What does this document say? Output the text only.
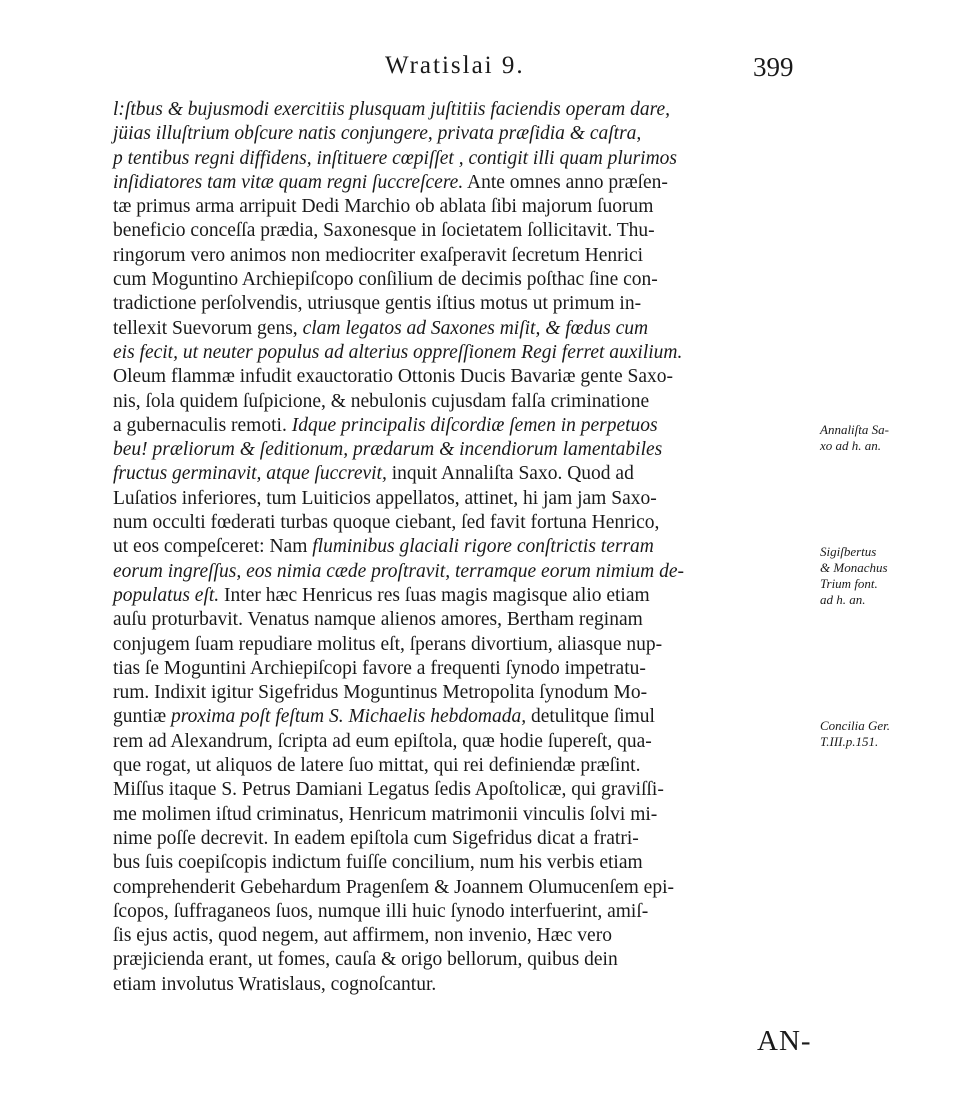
Wratislai 9.	399
l:ſtbus & bujusmodi exercitiis plusquam juſtitiis faciendis operam dare,
jüias illuſtrium obſcure natis conjungere, privata præſidia & caſtra,
p tentibus regni diffidens, inſtituere cœpiſſet , contigit illi quam plurimos
inſidiatores tam vitæ quam regni ſuccreſcere. Ante omnes anno præſen-
tæ primus arma arripuit Dedi Marchio ob ablata ſibi majorum ſuorum
beneficio conceſſa prædia, Saxonesque in ſocietatem ſollicitavit. Thu-
ringorum vero animos non mediocriter exaſperavit ſecretum Henrici
cum Moguntino Archiepiſcopo conſilium de decimis poſthac ſine con-
tradictione perſolvendis, utriusque gentis iſtius motus ut primum in-
tellexit Suevorum gens, clam legatos ad Saxones miſit, & fœdus cum
eis fecit, ut neuter populus ad alterius oppreſſionem Regi ferret auxilium.
Oleum flammæ infudit exauctoratio Ottonis Ducis Bavariæ gente Saxo-
nis, ſola quidem ſuſpicione, & nebulonis cujusdam falſa criminatione
a gubernaculis remoti. Idque principalis diſcordiæ ſemen in perpetuos
beu! præliorum & ſeditionum, prædarum & incendiorum lamentabiles
fructus germinavit, atque ſuccrevit, inquit Annaliſta Saxo. Quod ad
Luſatios inferiores, tum Luiticios appellatos, attinet, hi jam jam Saxo-
num occulti fœderati turbas quoque ciebant, ſed favit fortuna Henrico,
ut eos compeſceret: Nam fluminibus glaciali rigore conſtrictis terram
eorum ingreſſus, eos nimia cæde proſtravit, terramque eorum nimium de-
populatus eſt. Inter hæc Henricus res ſuas magis magisque alio etiam
auſu proturbavit. Venatus namque alienos amores, Bertham reginam
conjugem ſuam repudiare molitus eſt, ſperans divortium, aliasque nup-
tias ſe Moguntini Archiepiſcopi favore a frequenti ſynodo impetratu-
rum. Indixit igitur Sigefridus Moguntinus Metropolita ſynodum Mo-
guntiæ proxima poſt feſtum S. Michaelis hebdomada, detulitque ſimul
rem ad Alexandrum, ſcripta ad eum epiſtola, quæ hodie ſupereſt, qua-
que rogat, ut aliquos de latere ſuo mittat, qui rei definiendæ præſint.
Miſſus itaque S. Petrus Damiani Legatus ſedis Apoſtolicæ, qui graviſſi-
me molimen iſtud criminatus, Henricum matrimonii vinculis ſolvi mi-
nime poſſe decrevit. In eadem epiſtola cum Sigefridus dicat a fratri-
bus ſuis coepiſcopis indictum fuiſſe concilium, num his verbis etiam
comprehenderit Gebehardum Pragenſem & Joannem Olumucenſem epi-
ſcopos, ſuffraganeos ſuos, numque illi huic ſynodo interfuerint, amiſ-
ſis ejus actis, quod negem, aut affirmem, non invenio, Hæc vero
præjicienda erant, ut fomes, cauſa & origo bellorum, quibus dein
etiam involutus Wratislaus, cognoſcantur.
Annaliſta Sa-
xo ad h. an.
Sigiſbertus
& Monachus
Trium font.
ad h. an.
Concilia Ger.
T.III.p.151.
AN-
